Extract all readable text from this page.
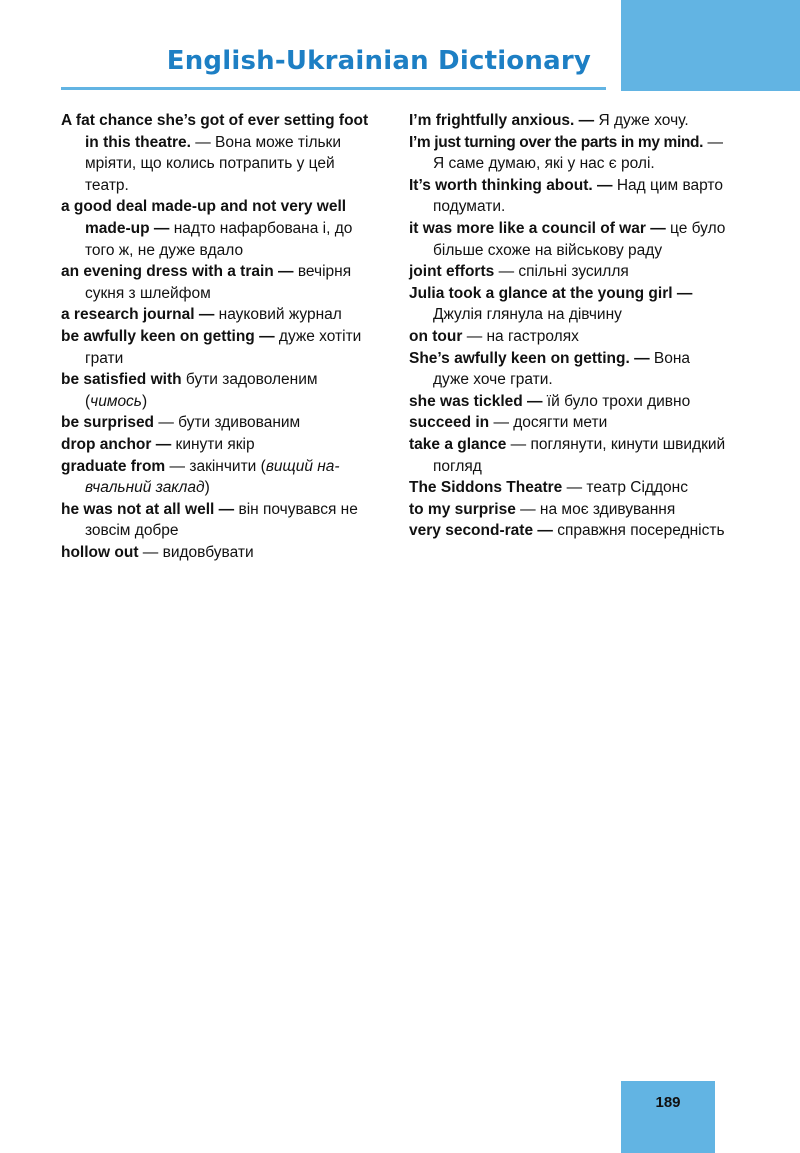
English-Ukrainian Dictionary
A fat chance she’s got of ever setting foot in this theatre. — Вона може тільки мріяти, що колись потрапить у цей театр.
a good deal made-up and not very well made-up — надто нафарбована і, до того ж, не дуже вдало
an evening dress with a train — вечірня сукня з шлейфом
a research journal — науковий журнал
be awfully keen on getting — дуже хотіти грати
be satisfied with бути задоволеним (чимось)
be surprised — бути здивованим
drop anchor — кинути якір
graduate from — закінчити (вищий навчальний заклад)
he was not at all well — він почувався не зовсім добре
hollow out — видовбувати
I’m frightfully anxious. — Я дуже хочу.
I’m just turning over the parts in my mind. — Я саме думаю, які у нас є ролі.
It’s worth thinking about. — Над цим варто подумати.
it was more like a council of war — це було більше схоже на військову раду
joint efforts — спільні зусилля
Julia took a glance at the young girl — Джулія глянула на дівчину
on tour — на гастролях
She’s awfully keen on getting. — Вона дуже хоче грати.
she was tickled — їй було трохи дивно
succeed in — досягти мети
take a glance — поглянути, кинути швидкий погляд
The Siddons Theatre — театр Сіддонс
to my surprise — на моє здивування
very second-rate — справжня посередність
189
